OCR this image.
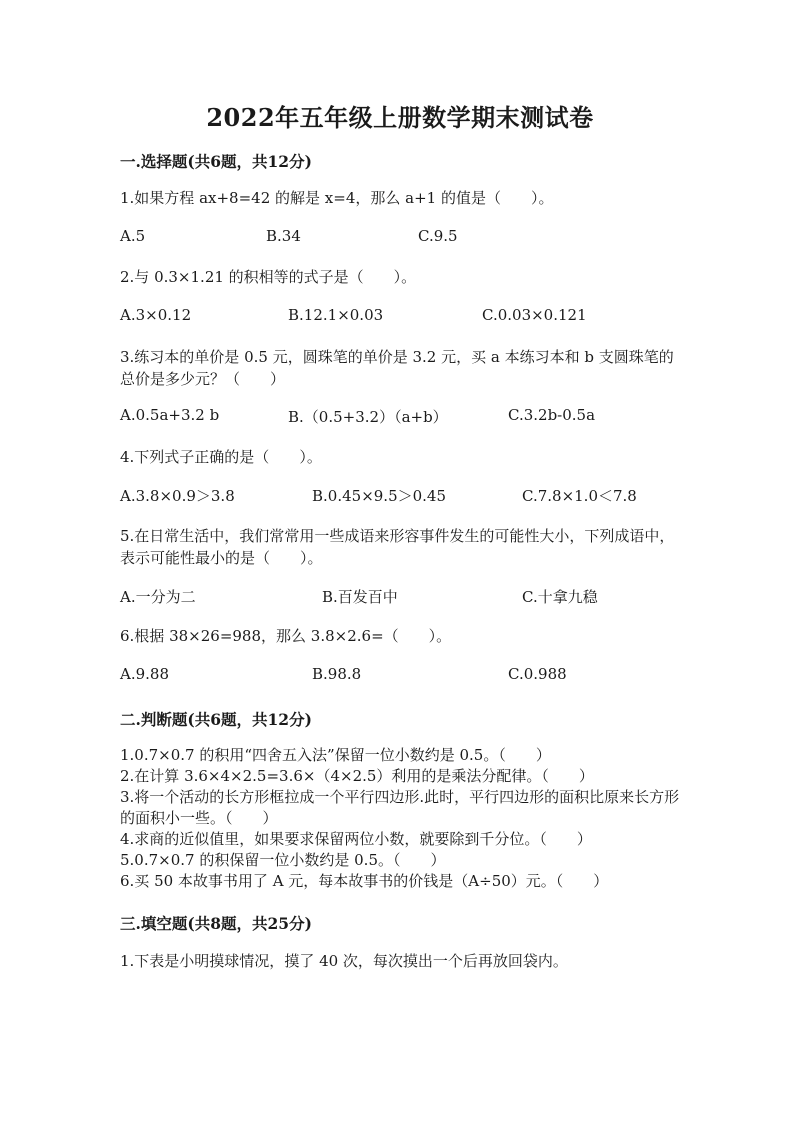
2022年五年级上册数学期末测试卷
一.选择题(共6题，共12分)
1.如果方程 ax+8=42 的解是 x=4，那么 a+1 的值是（　　）。
A.5	B.34	C.9.5
2.与 0.3×1.21 的积相等的式子是（　　）。
A.3×0.12	B.12.1×0.03	C.0.03×0.121
3.练习本的单价是 0.5 元，圆珠笔的单价是 3.2 元，买 a 本练习本和 b 支圆珠笔的总价是多少元？（　　）
A.0.5a+3.2 b	B.（0.5+3.2）（a+b）	C.3.2b-0.5a
4.下列式子正确的是（　　）。
A.3.8×0.9＞3.8	B.0.45×9.5＞0.45	C.7.8×1.0＜7.8
5.在日常生活中，我们常常用一些成语来形容事件发生的可能性大小，下列成语中，表示可能性最小的是（　　）。
A.一分为二	B.百发百中	C.十拿九稳
6.根据 38×26=988，那么 3.8×2.6=（　　）。
A.9.88	B.98.8	C.0.988
二.判断题(共6题，共12分)
1.0.7×0.7 的积用“四舍五入法”保留一位小数约是 0.5。（　　）
2.在计算 3.6×4×2.5=3.6×（4×2.5）利用的是乘法分配律。（　　）
3.将一个活动的长方形框拉成一个平行四边形.此时，平行四边形的面积比原来长方形的面积小一些。（　　）
4.求商的近似值里，如果要求保留两位小数，就要除到千分位。（　　）
5.0.7×0.7 的积保留一位小数约是 0.5。（　　）
6.买 50 本故事书用了 A 元，每本故事书的价钱是（A÷50）元。（　　）
三.填空题(共8题，共25分)
1.下表是小明摸球情况，摸了 40 次，每次摸出一个后再放回袋内。
